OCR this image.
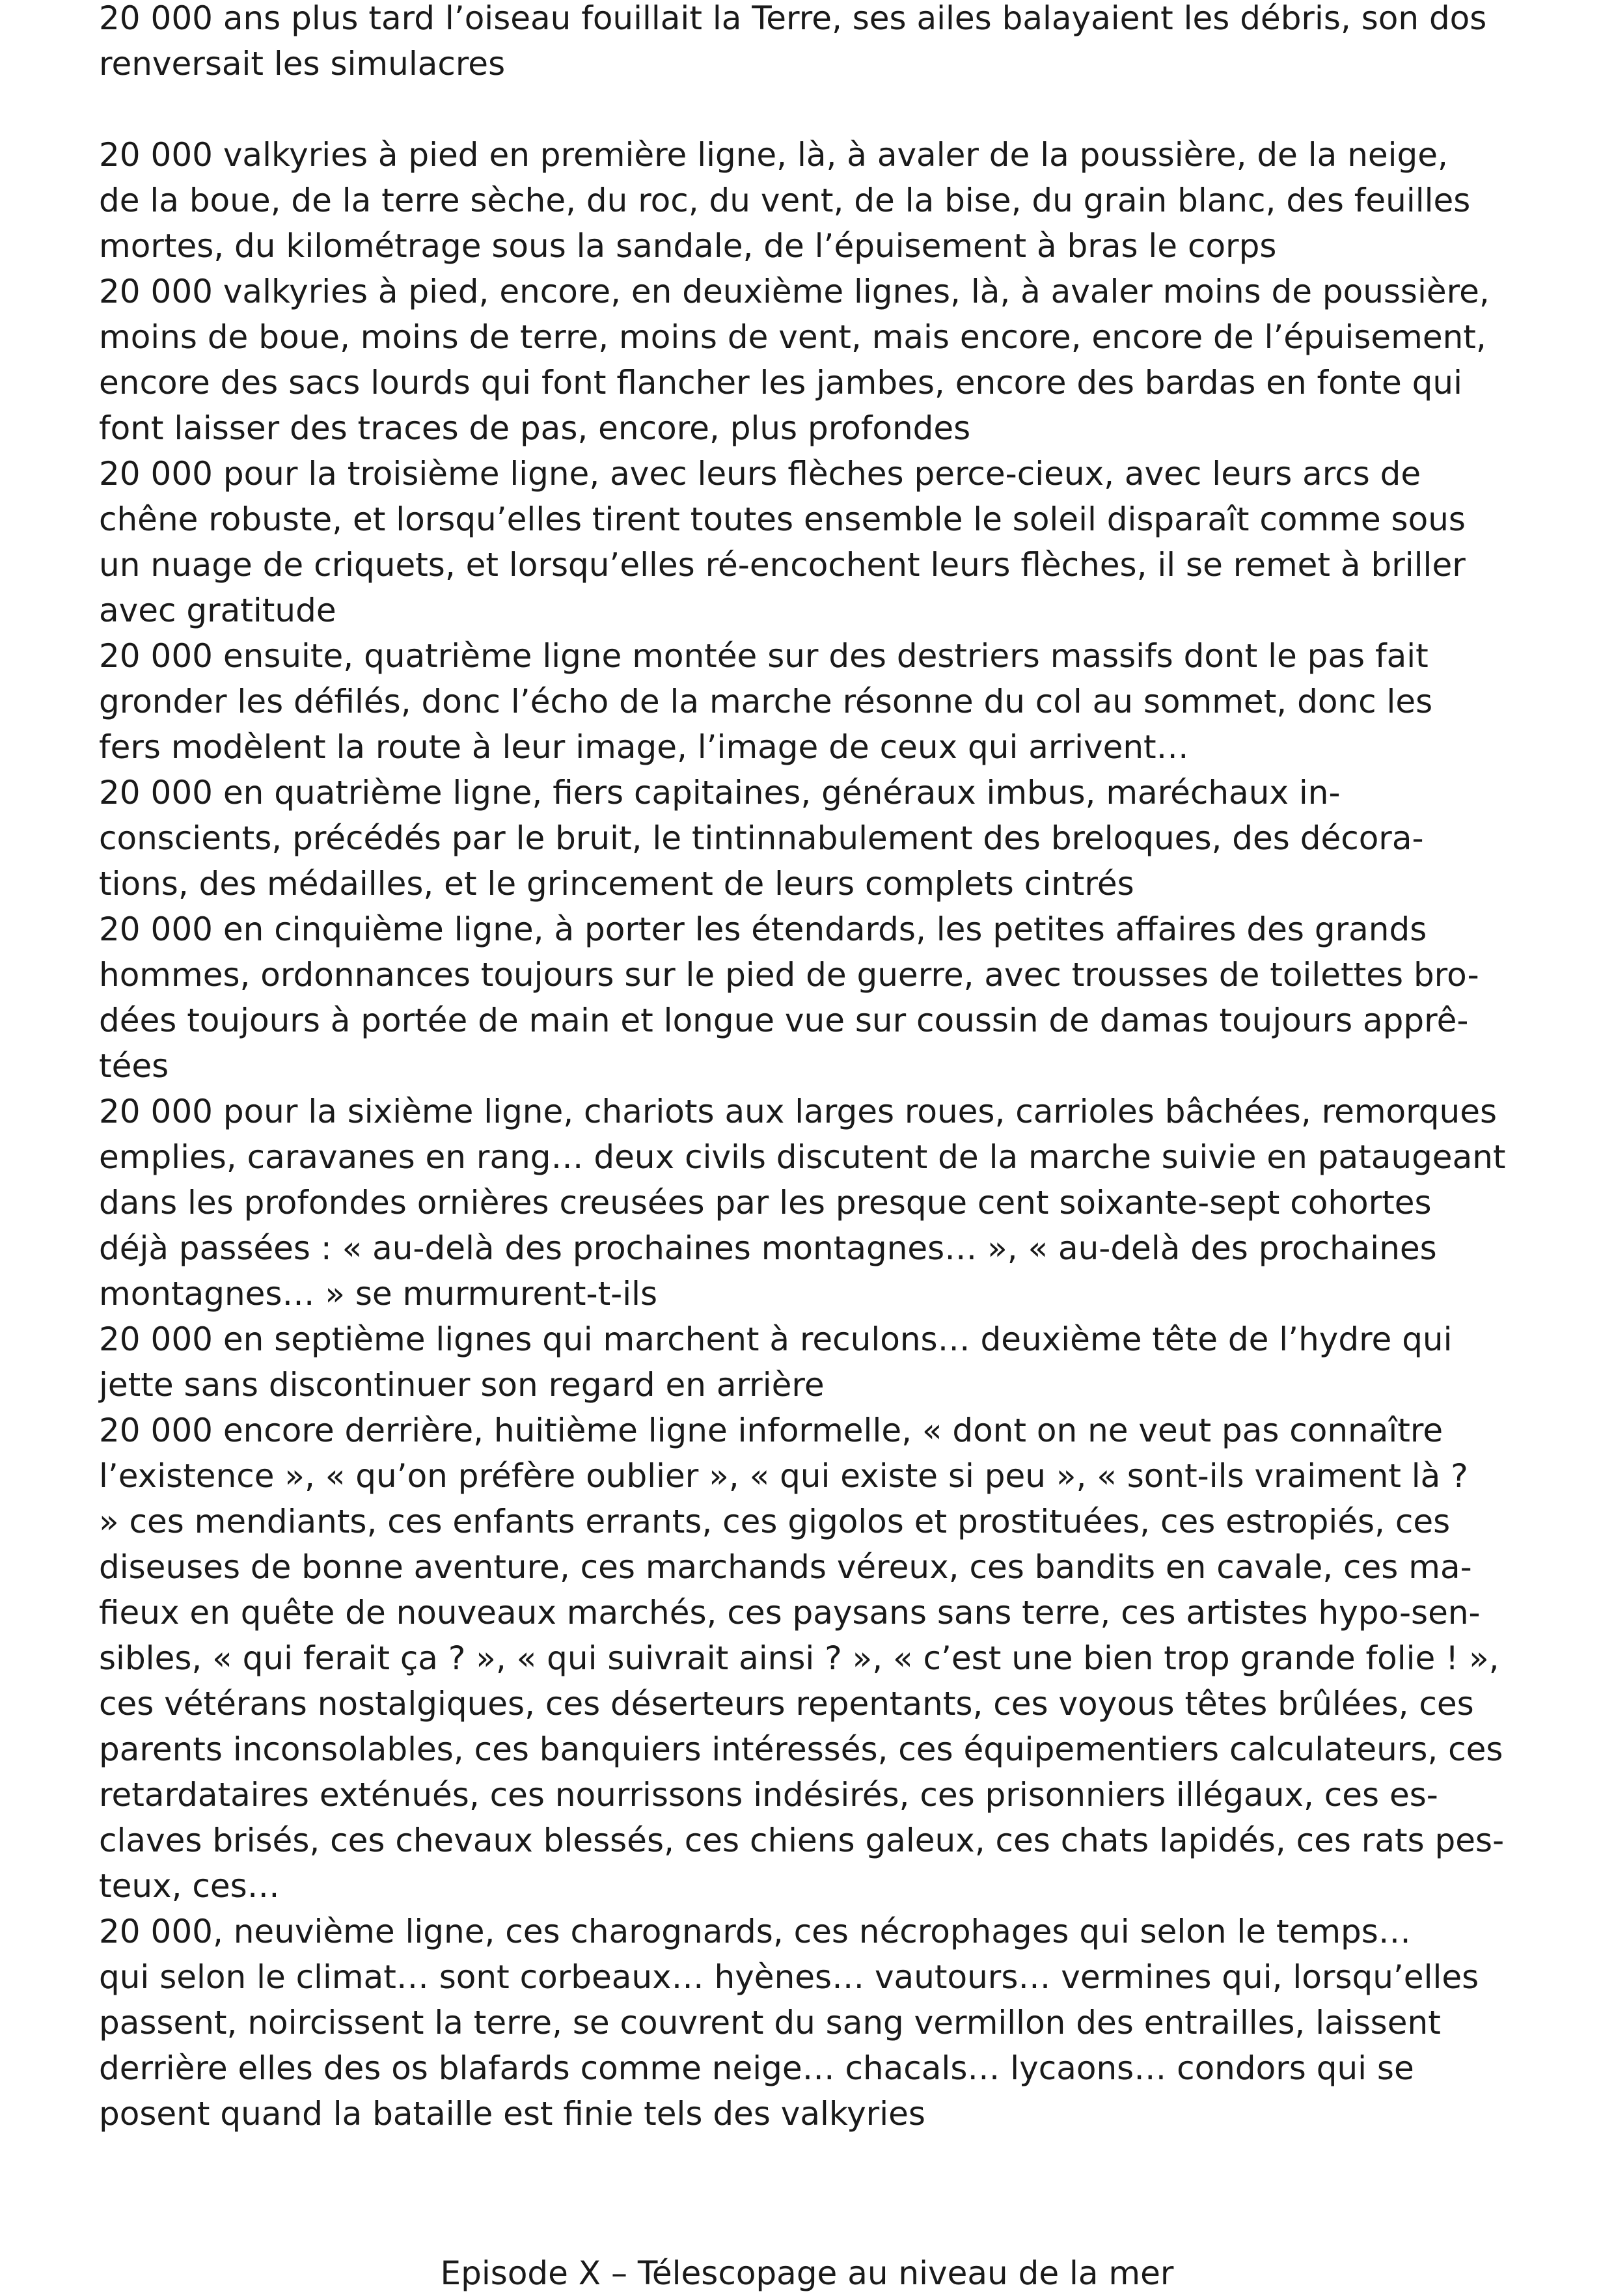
20 000 ans plus tard l’oiseau fouillait la Terre, ses ailes balayaient les débris, son dos

renversait les simulacres

20 000 valkyries à pied en première ligne, là, à avaler de la poussière, de la neige,

de la boue, de la terre sèche, du roc, du vent, de la bise, du grain blanc, des feuilles

mortes, du kilométrage sous la sandale, de l’épuisement à bras le corps

20 000 valkyries à pied, encore, en deuxième lignes, là, à avaler moins de poussière,

moins de boue, moins de terre, moins de vent, mais encore, encore de l’épuisement,

encore des sacs lourds qui font flancher les jambes, encore des bardas en fonte qui

font laisser des traces de pas, encore, plus profondes

20 000 pour la troisième ligne, avec leurs flèches perce-cieux, avec leurs arcs de

chêne robuste, et lorsqu’elles tirent toutes ensemble le soleil disparaît comme sous

un nuage de criquets, et lorsqu’elles ré-encochent leurs flèches, il se remet à briller

avec gratitude

20 000 ensuite, quatrième ligne montée sur des destriers massifs dont le pas fait

gronder les défilés, donc l’écho de la marche résonne du col au sommet, donc les

fers modèlent la route à leur image, l’image de ceux qui arrivent…

20 000 en quatrième ligne, fiers capitaines, généraux imbus, maréchaux in-

conscients, précédés par le bruit, le tintinnabulement des breloques, des décora-

tions, des médailles, et le grincement de leurs complets cintrés

20 000 en cinquième ligne, à porter les étendards, les petites affaires des grands

hommes, ordonnances toujours sur le pied de guerre, avec trousses de toilettes bro-

dées toujours à portée de main et longue vue sur coussin de damas toujours apprê-

tées

20 000 pour la sixième ligne, chariots aux larges roues, carrioles bâchées, remorques

emplies, caravanes en rang… deux civils discutent de la marche suivie en pataugeant

dans les profondes ornières creusées par les presque cent soixante-sept cohortes

déjà passées : « au-delà des prochaines montagnes… », « au-delà des prochaines

montagnes… » se murmurent-t-ils

20 000 en septième lignes qui marchent à reculons… deuxième tête de l’hydre qui

jette sans discontinuer son regard en arrière

20 000 encore derrière, huitième ligne informelle, « dont on ne veut pas connaître

l’existence », « qu’on préfère oublier », « qui existe si peu », « sont-ils vraiment là ?

» ces mendiants, ces enfants errants, ces gigolos et prostituées, ces estropiés, ces

diseuses de bonne aventure, ces marchands véreux, ces bandits en cavale, ces ma-

fieux en quête de nouveaux marchés, ces paysans sans terre, ces artistes hypo-sen-

sibles, « qui ferait ça ? », « qui suivrait ainsi ? », « c’est une bien trop grande folie ! »,

ces vétérans nostalgiques, ces déserteurs repentants, ces voyous têtes brûlées, ces

parents inconsolables, ces banquiers intéressés, ces équipementiers calculateurs, ces

retardataires exténués, ces nourrissons indésirés, ces prisonniers illégaux, ces es-

claves brisés, ces chevaux blessés, ces chiens galeux, ces chats lapidés, ces rats pes-

teux, ces…

20 000, neuvième ligne, ces charognards, ces nécrophages qui selon le temps…

qui selon le climat… sont corbeaux… hyènes… vautours… vermines qui, lorsqu’elles

passent, noircissent la terre, se couvrent du sang vermillon des entrailles, laissent

derrière elles des os blafards comme neige… chacals… lycaons… condors qui se

posent quand la bataille est finie tels des valkyries

Episode X – Télescopage au niveau de la mer
